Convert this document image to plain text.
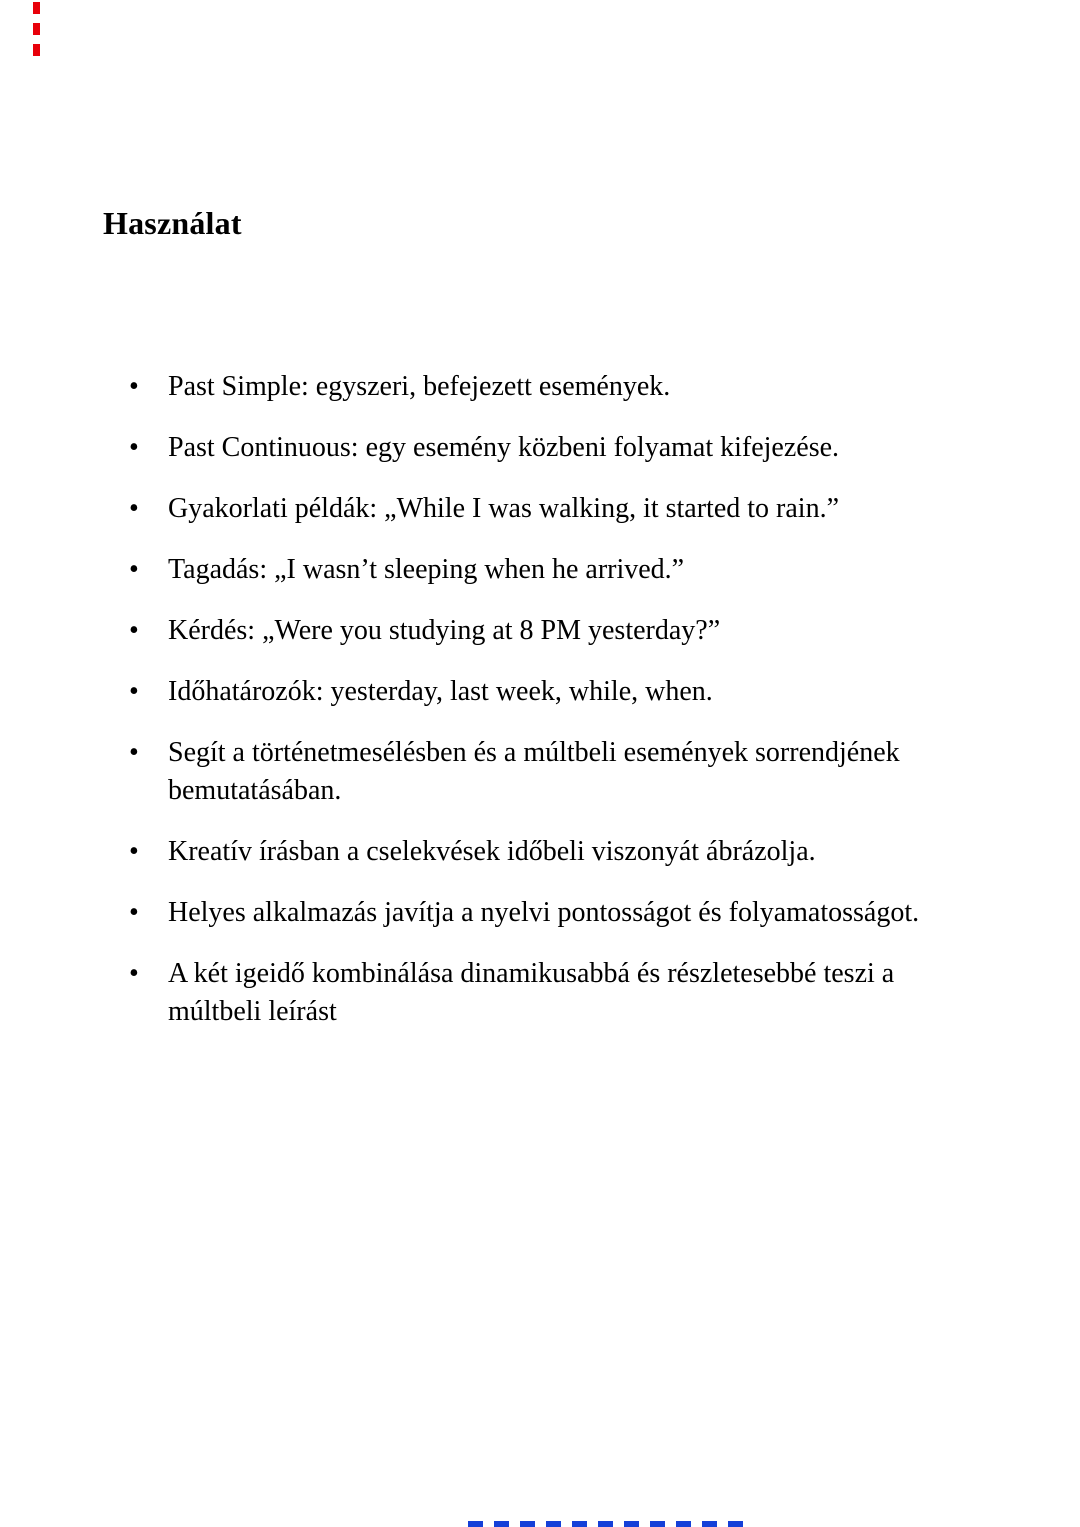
Használat
• Past Simple: egyszeri, befejezett események.
• Past Continuous: egy esemény közbeni folyamat kifejezése.
• Gyakorlati példák: „While I was walking, it started to rain.”
• Tagadás: „I wasn’t sleeping when he arrived.”
• Kérdés: „Were you studying at 8 PM yesterday?”
• Időhatározók: yesterday, last week, while, when.
• Segít a történetmesélésben és a múltbeli események sorrendjének bemutatásában.
• Kreatív írásban a cselekvések időbeli viszonyát ábrázolja.
• Helyes alkalmazás javítja a nyelvi pontosságot és folyamatosságot.
• A két igeidő kombinálása dinamikusabbá és részletesebbé teszi a múltbeli leírást
